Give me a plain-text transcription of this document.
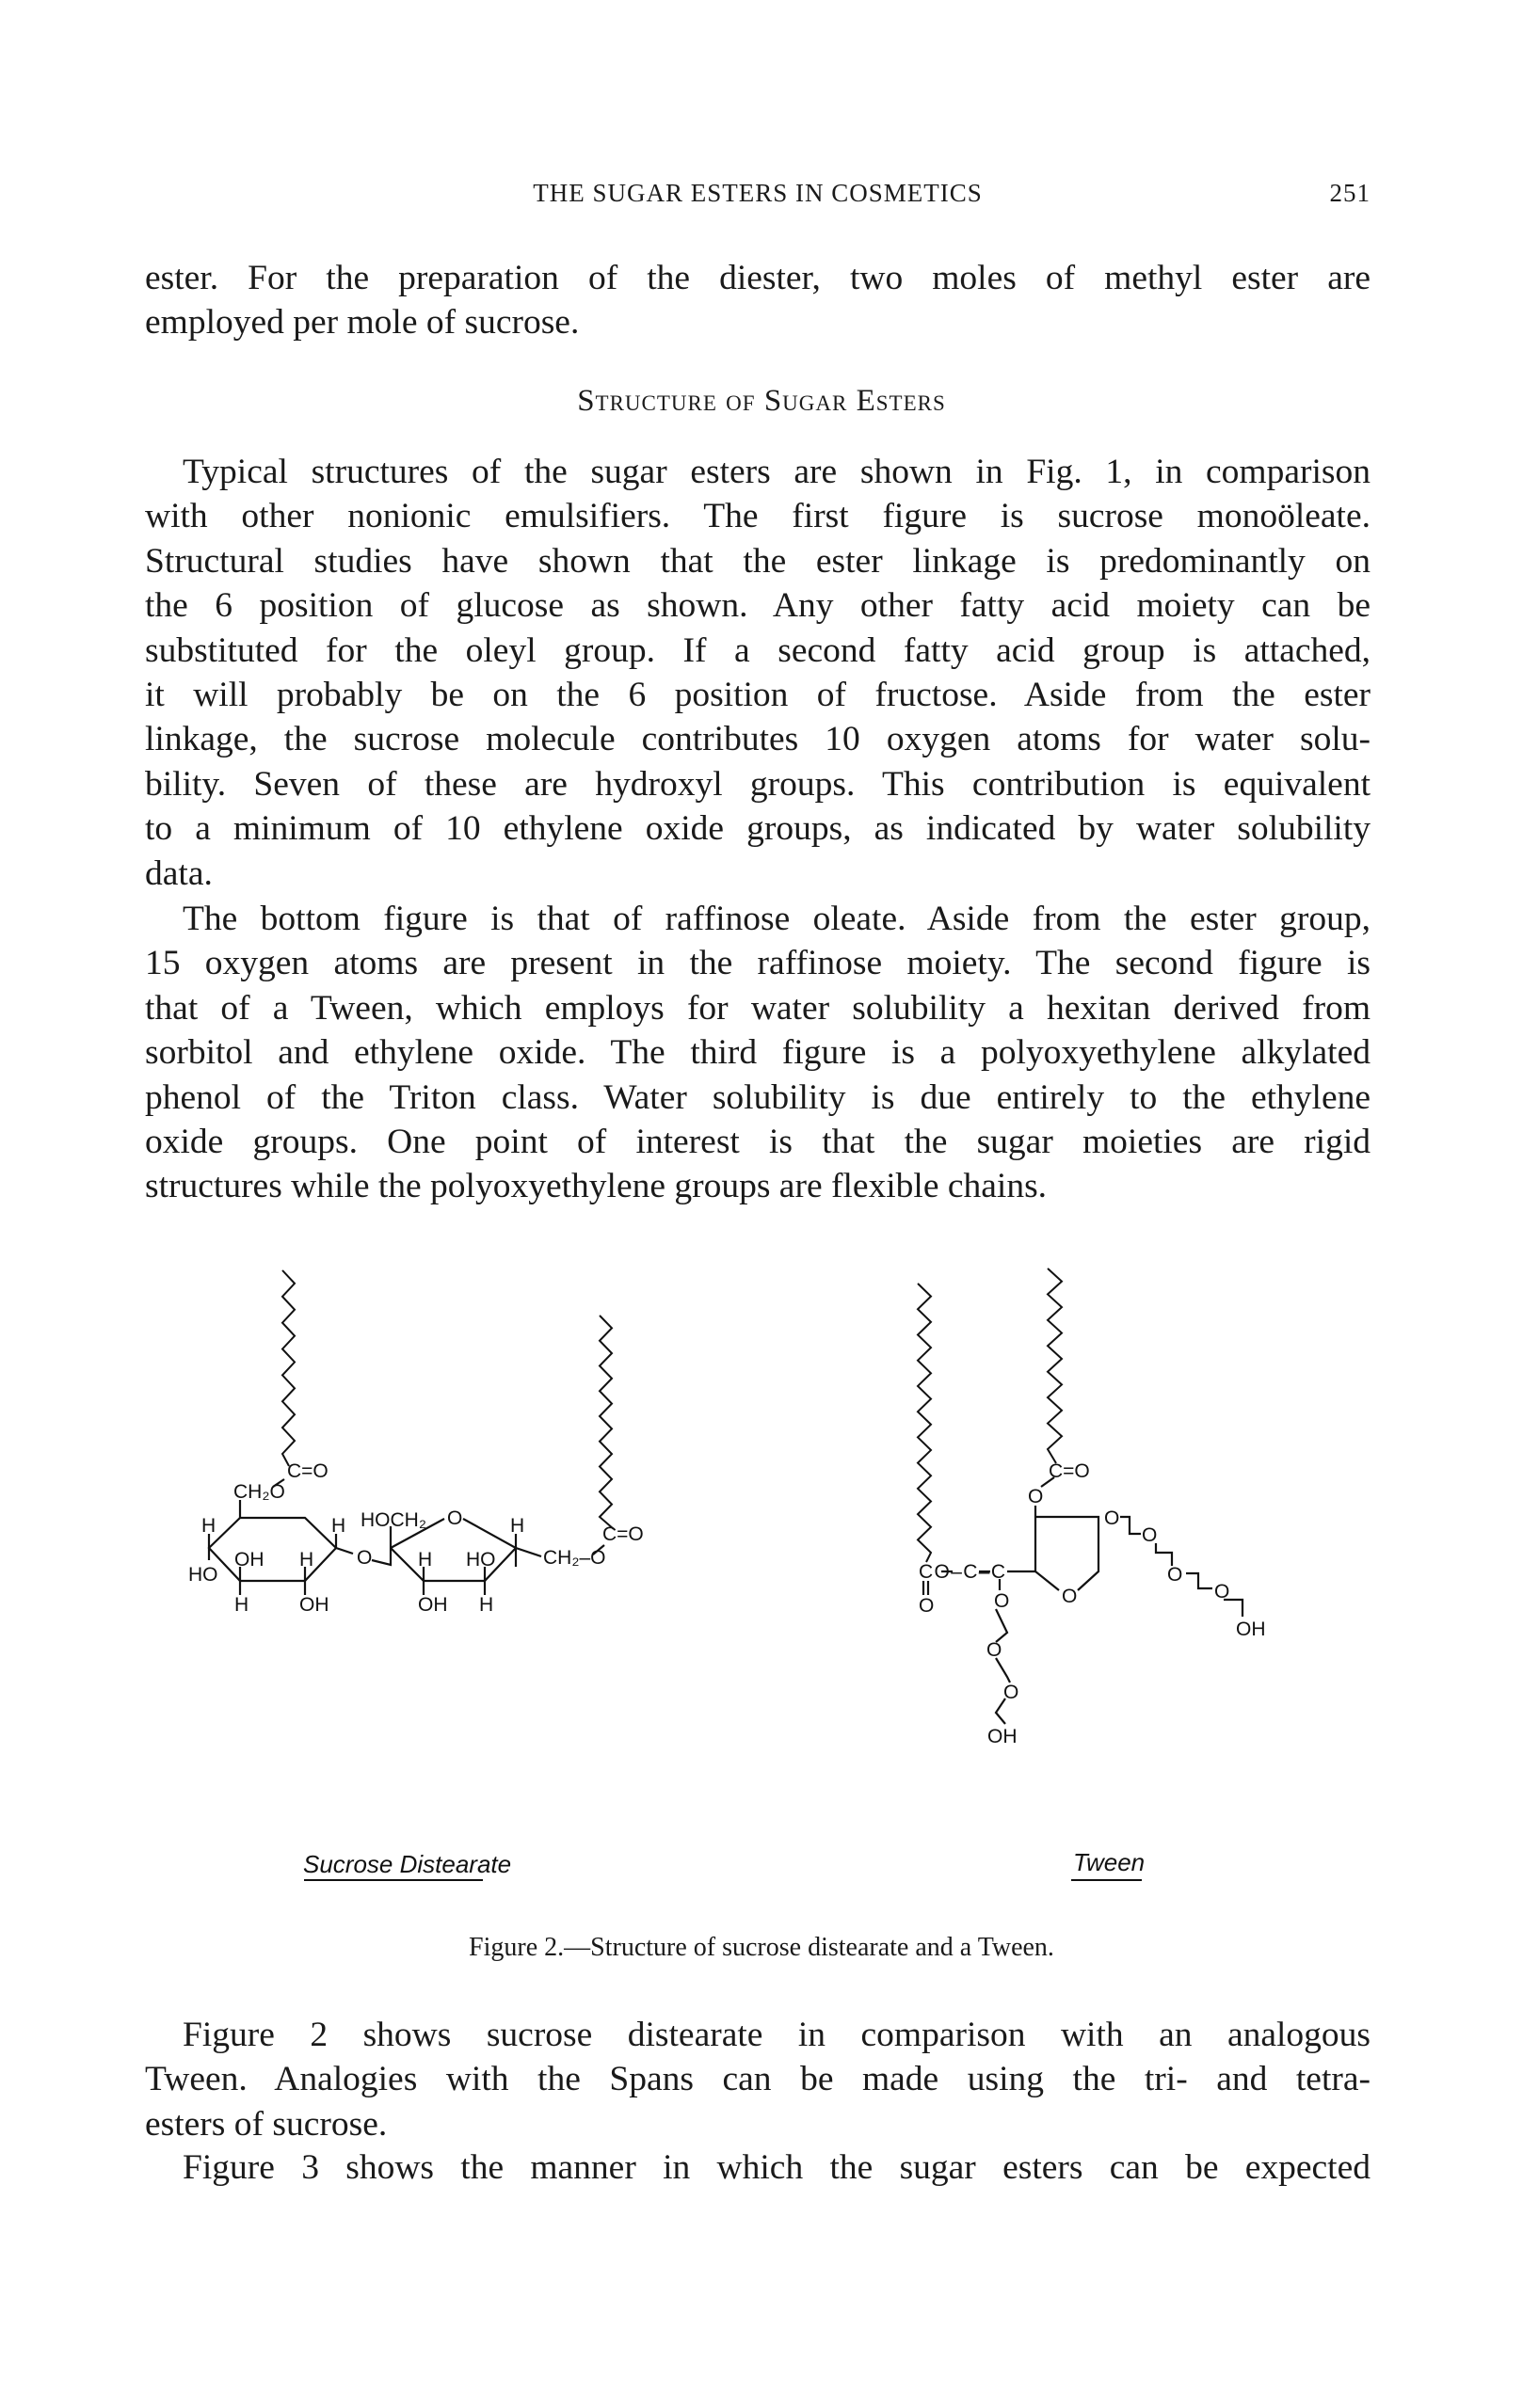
THE SUGAR ESTERS IN COSMETICS	251
ester. For the preparation of the diester, two moles of methyl ester are
employed per mole of sucrose.
Structure of Sugar Esters
Typical structures of the sugar esters are shown in Fig. 1, in comparison
with other nonionic emulsifiers. The first figure is sucrose monoöleate.
Structural studies have shown that the ester linkage is predominantly on
the 6 position of glucose as shown. Any other fatty acid moiety can be
substituted for the oleyl group. If a second fatty acid group is attached,
it will probably be on the 6 position of fructose. Aside from the ester
linkage, the sucrose molecule contributes 10 oxygen atoms for water solu-
bility. Seven of these are hydroxyl groups. This contribution is equivalent
to a minimum of 10 ethylene oxide groups, as indicated by water solubility
data.
The bottom figure is that of raffinose oleate. Aside from the ester group,
15 oxygen atoms are present in the raffinose moiety. The second figure is
that of a Tween, which employs for water solubility a hexitan derived from
sorbitol and ethylene oxide. The third figure is a polyoxyethylene alkylated
phenol of the Triton class. Water solubility is due entirely to the ethylene
oxide groups. One point of interest is that the sugar moieties are rigid
structures while the polyoxyethylene groups are flexible chains.
C=O
CH₂O
H
HO
OH H
H	OH
H
O
HOCH₂ O
H HO
OH H
H
CH₂–O
C=O
Sucrose Distearate
CO–C–C
O
C=O
O
O
O
O
O
O
OH
O
O
O
OH
Tween
Figure 2.—Structure of sucrose distearate and a Tween.
Figure 2 shows sucrose distearate in comparison with an analogous
Tween. Analogies with the Spans can be made using the tri- and tetra-
esters of sucrose.
Figure 3 shows the manner in which the sugar esters can be expected
